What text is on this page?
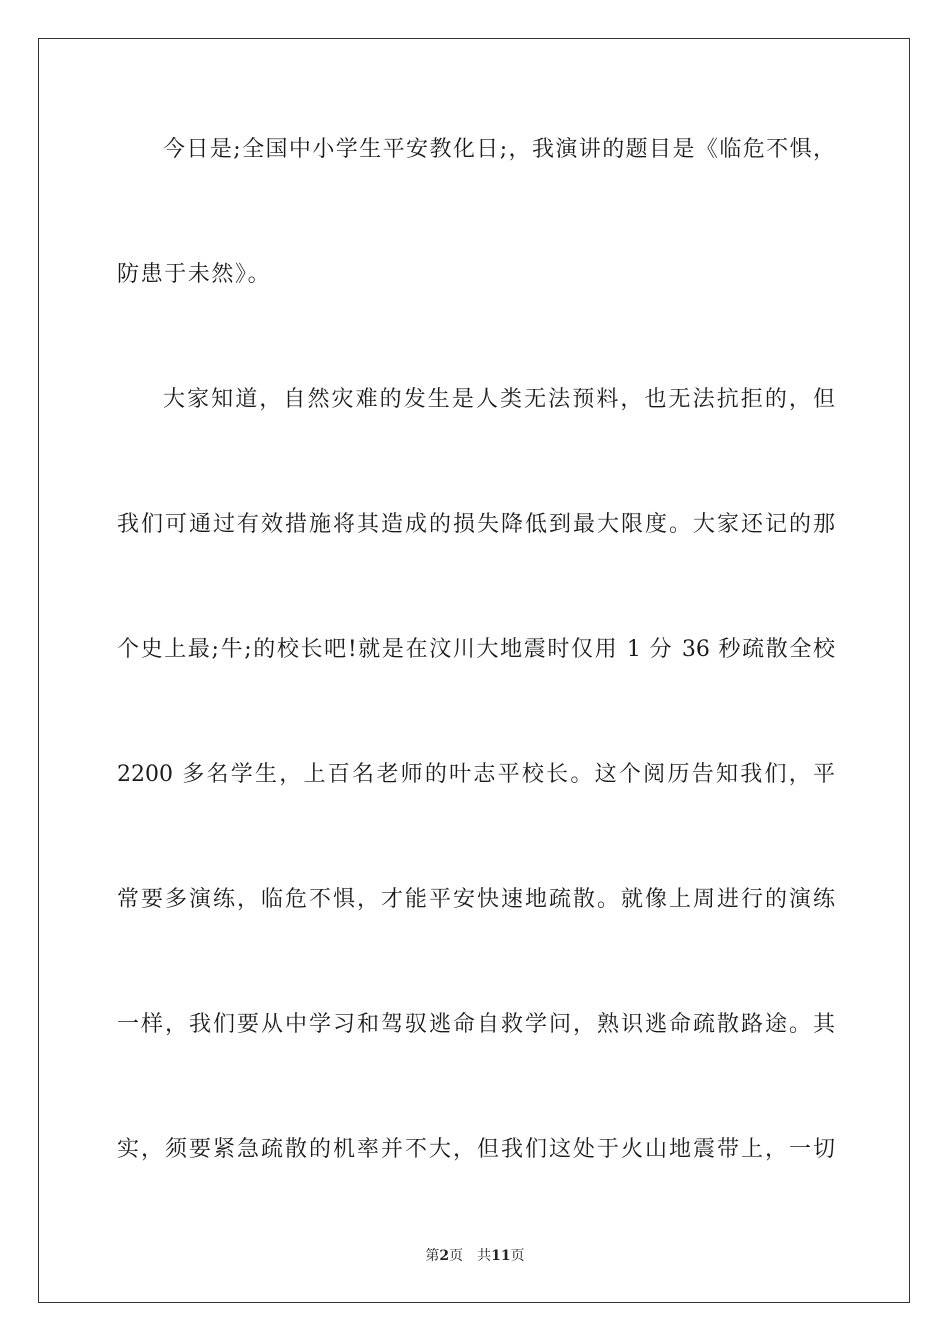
今日是;全国中小学生平安教化日;，我演讲的题目是《临危不惧，
防患于未然》。
大家知道，自然灾难的发生是人类无法预料，也无法抗拒的，但
我们可通过有效措施将其造成的损失降低到最大限度。大家还记的那
个史上最;牛;的校长吧!就是在汶川大地震时仅用 1 分 36 秒疏散全校
2200 多名学生，上百名老师的叶志平校长。这个阅历告知我们，平
常要多演练，临危不惧，才能平安快速地疏散。就像上周进行的演练
一样，我们要从中学习和驾驭逃命自救学问，熟识逃命疏散路途。其
实，须要紧急疏散的机率并不大，但我们这处于火山地震带上，一切
第2页 共11页
